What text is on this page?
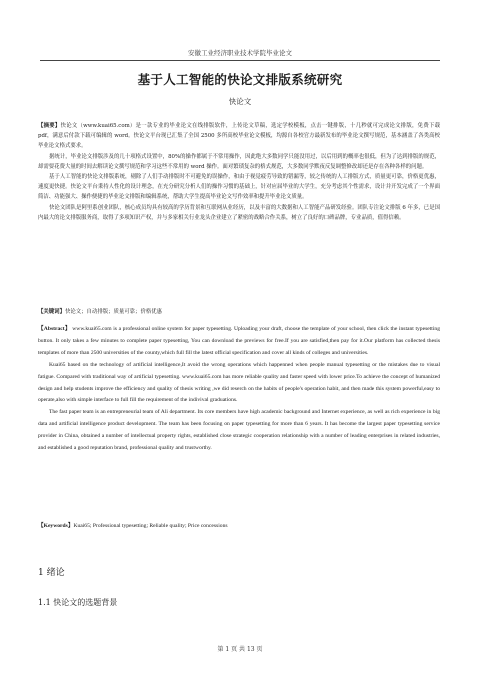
安徽工业经济职业技术学院毕业论文
基于人工智能的快论文排版系统研究
快论文

【摘要】快论文（www.kuai65.com）是一款专业的毕业论文在线排版软件，上传论文草稿，选定学校模板，点击一键排版，十几秒就可完成论文排版，免费下载 pdf，满意后付款下载可编辑的 word。快论文平台现已汇集了全国 2500 多所高校毕业论文模板，均源自各校官方最新发布的毕业论文撰写规范，基本涵盖了各类高校毕业论文格式要求。

据统计，毕业论文排版涉及的几十项格式设置中，80%的操作都属于不常用操作，因此绝大多数同学只能没用过，以后用到的概率也很低，但为了达到排版的规范，却需要花费大量的时间去解读论文撰写规范和学习这些不常用的 word 操作。面对繁琐复杂的格式规范，大多数同学默夜反复调整修改却还是存在各种各样的问题。

基于人工智能的快论文排版系统，剔除了人们手动排版时不可避免的误操作，和由于视觉疲劳导致的错漏等，较之传统的人工排版方式，质量更可靠，价格更优惠，速度更快捷。快论文平台秉持人性化的设计理念，在充分研究分析人们的操作习惯的基础上，针对应届毕业的大学生，充分考虑其个性需求，设计并开发完成了一个界面简洁、功能强大、操作便捷的毕业论文排版和编辑系统，帮助大学生提高毕业论文写作效率和提升毕业论文质量。

快论文团队是阿里系创业团队，核心成员均具有较高的学历背景和互联网从业经历，以及丰富的大数据和人工智能产品研发经验。团队专注论文排版 6 年多，已是国内最大的论文排版服务商，取得了多项知识产权，并与多家相关行业龙头企业建立了紧密的战略合作关系，树立了良好的口碑品牌，专业品质，值得信赖。

【关键词】快论文；自动排版；质量可靠；价格优惠

【Abstract】 www.kuai65.com is a professional online system for paper typesetting. Uploading your draft, choose the template of your school, then click the instant typesetting button. It only takes a few minutes to complete paper typesetting, You can download the previews for free.If you are satisfied,then pay for it.Our platform has collected thesis templates of more than 2500 universities of the county,which full fill the latest official specification and cover all kinds of colleges and universities.

Kuai65 based on the technology of artificial intelligence,It avoid the wrong operations which happenned when people manual typesetting or the mistakes due to visual fatigue. Compared with traditional way of artificial typesetting. www.kuai65.com has more reliable quality and faster speed with lower price.To achieve the concept of humanized design and help students improve the efficiency and quality of thesis writing ,we did reserch on the habits of people's operation habit, and then made this system powerful,easy to operate,also with simple interface to full fill the requirement of the indivival graduations.

The fast paper team is an entrepreneurial team of Ali department. Its core members have high academic background and Internet experience, as well as rich experience in big data and artificial intelligence product development. The team has been focusing on paper typesetting for more than 6 years. It has become the largest paper typesetting service provider in China, obtained a number of intellectual property rights, established close strategic cooperation relationship with a number of leading enterprises in related industries, and established a good reputation brand, professional quality and trustworthy.

【Keywords】Kuai65; Professional typesetting; Reliable quality; Price concessions
1 绪论
1.1 快论文的选题背景
第 1 页 共 13 页
